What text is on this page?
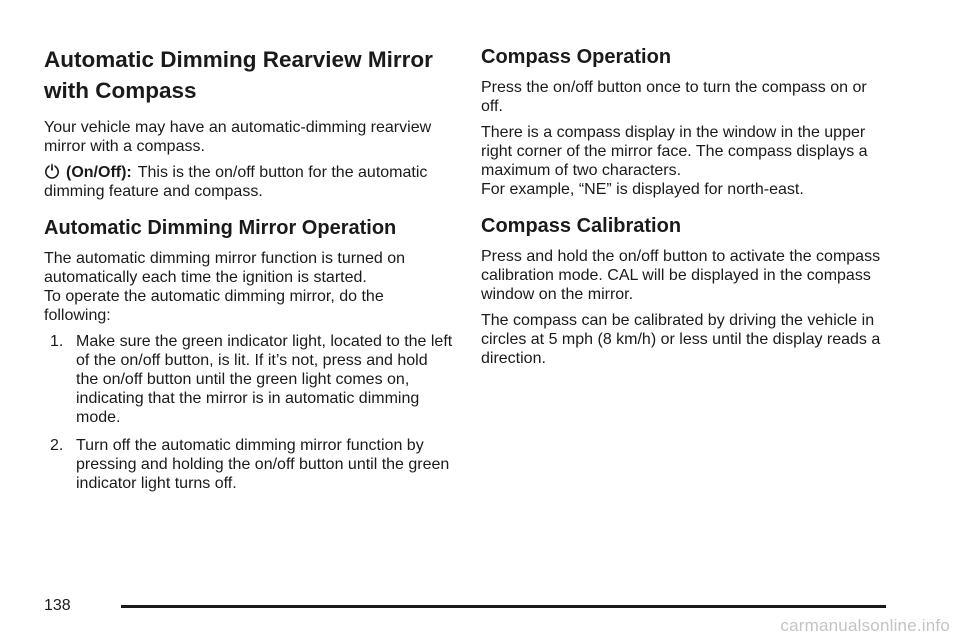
Automatic Dimming Rearview Mirror with Compass

Your vehicle may have an automatic-dimming rearview mirror with a compass.

(On/Off): This is the on/off button for the automatic dimming feature and compass.

Automatic Dimming Mirror Operation

The automatic dimming mirror function is turned on automatically each time the ignition is started.

To operate the automatic dimming mirror, do the following:

1. Make sure the green indicator light, located to the left of the on/off button, is lit. If it’s not, press and hold the on/off button until the green light comes on, indicating that the mirror is in automatic dimming mode.
2. Turn off the automatic dimming mirror function by pressing and holding the on/off button until the green indicator light turns off.
Compass Operation

Press the on/off button once to turn the compass on or off.

There is a compass display in the window in the upper right corner of the mirror face. The compass displays a maximum of two characters.

For example, “NE” is displayed for north-east.

Compass Calibration

Press and hold the on/off button to activate the compass calibration mode. CAL will be displayed in the compass window on the mirror.

The compass can be calibrated by driving the vehicle in circles at 5 mph (8 km/h) or less until the display reads a direction.

138
carmanualsonline.info
